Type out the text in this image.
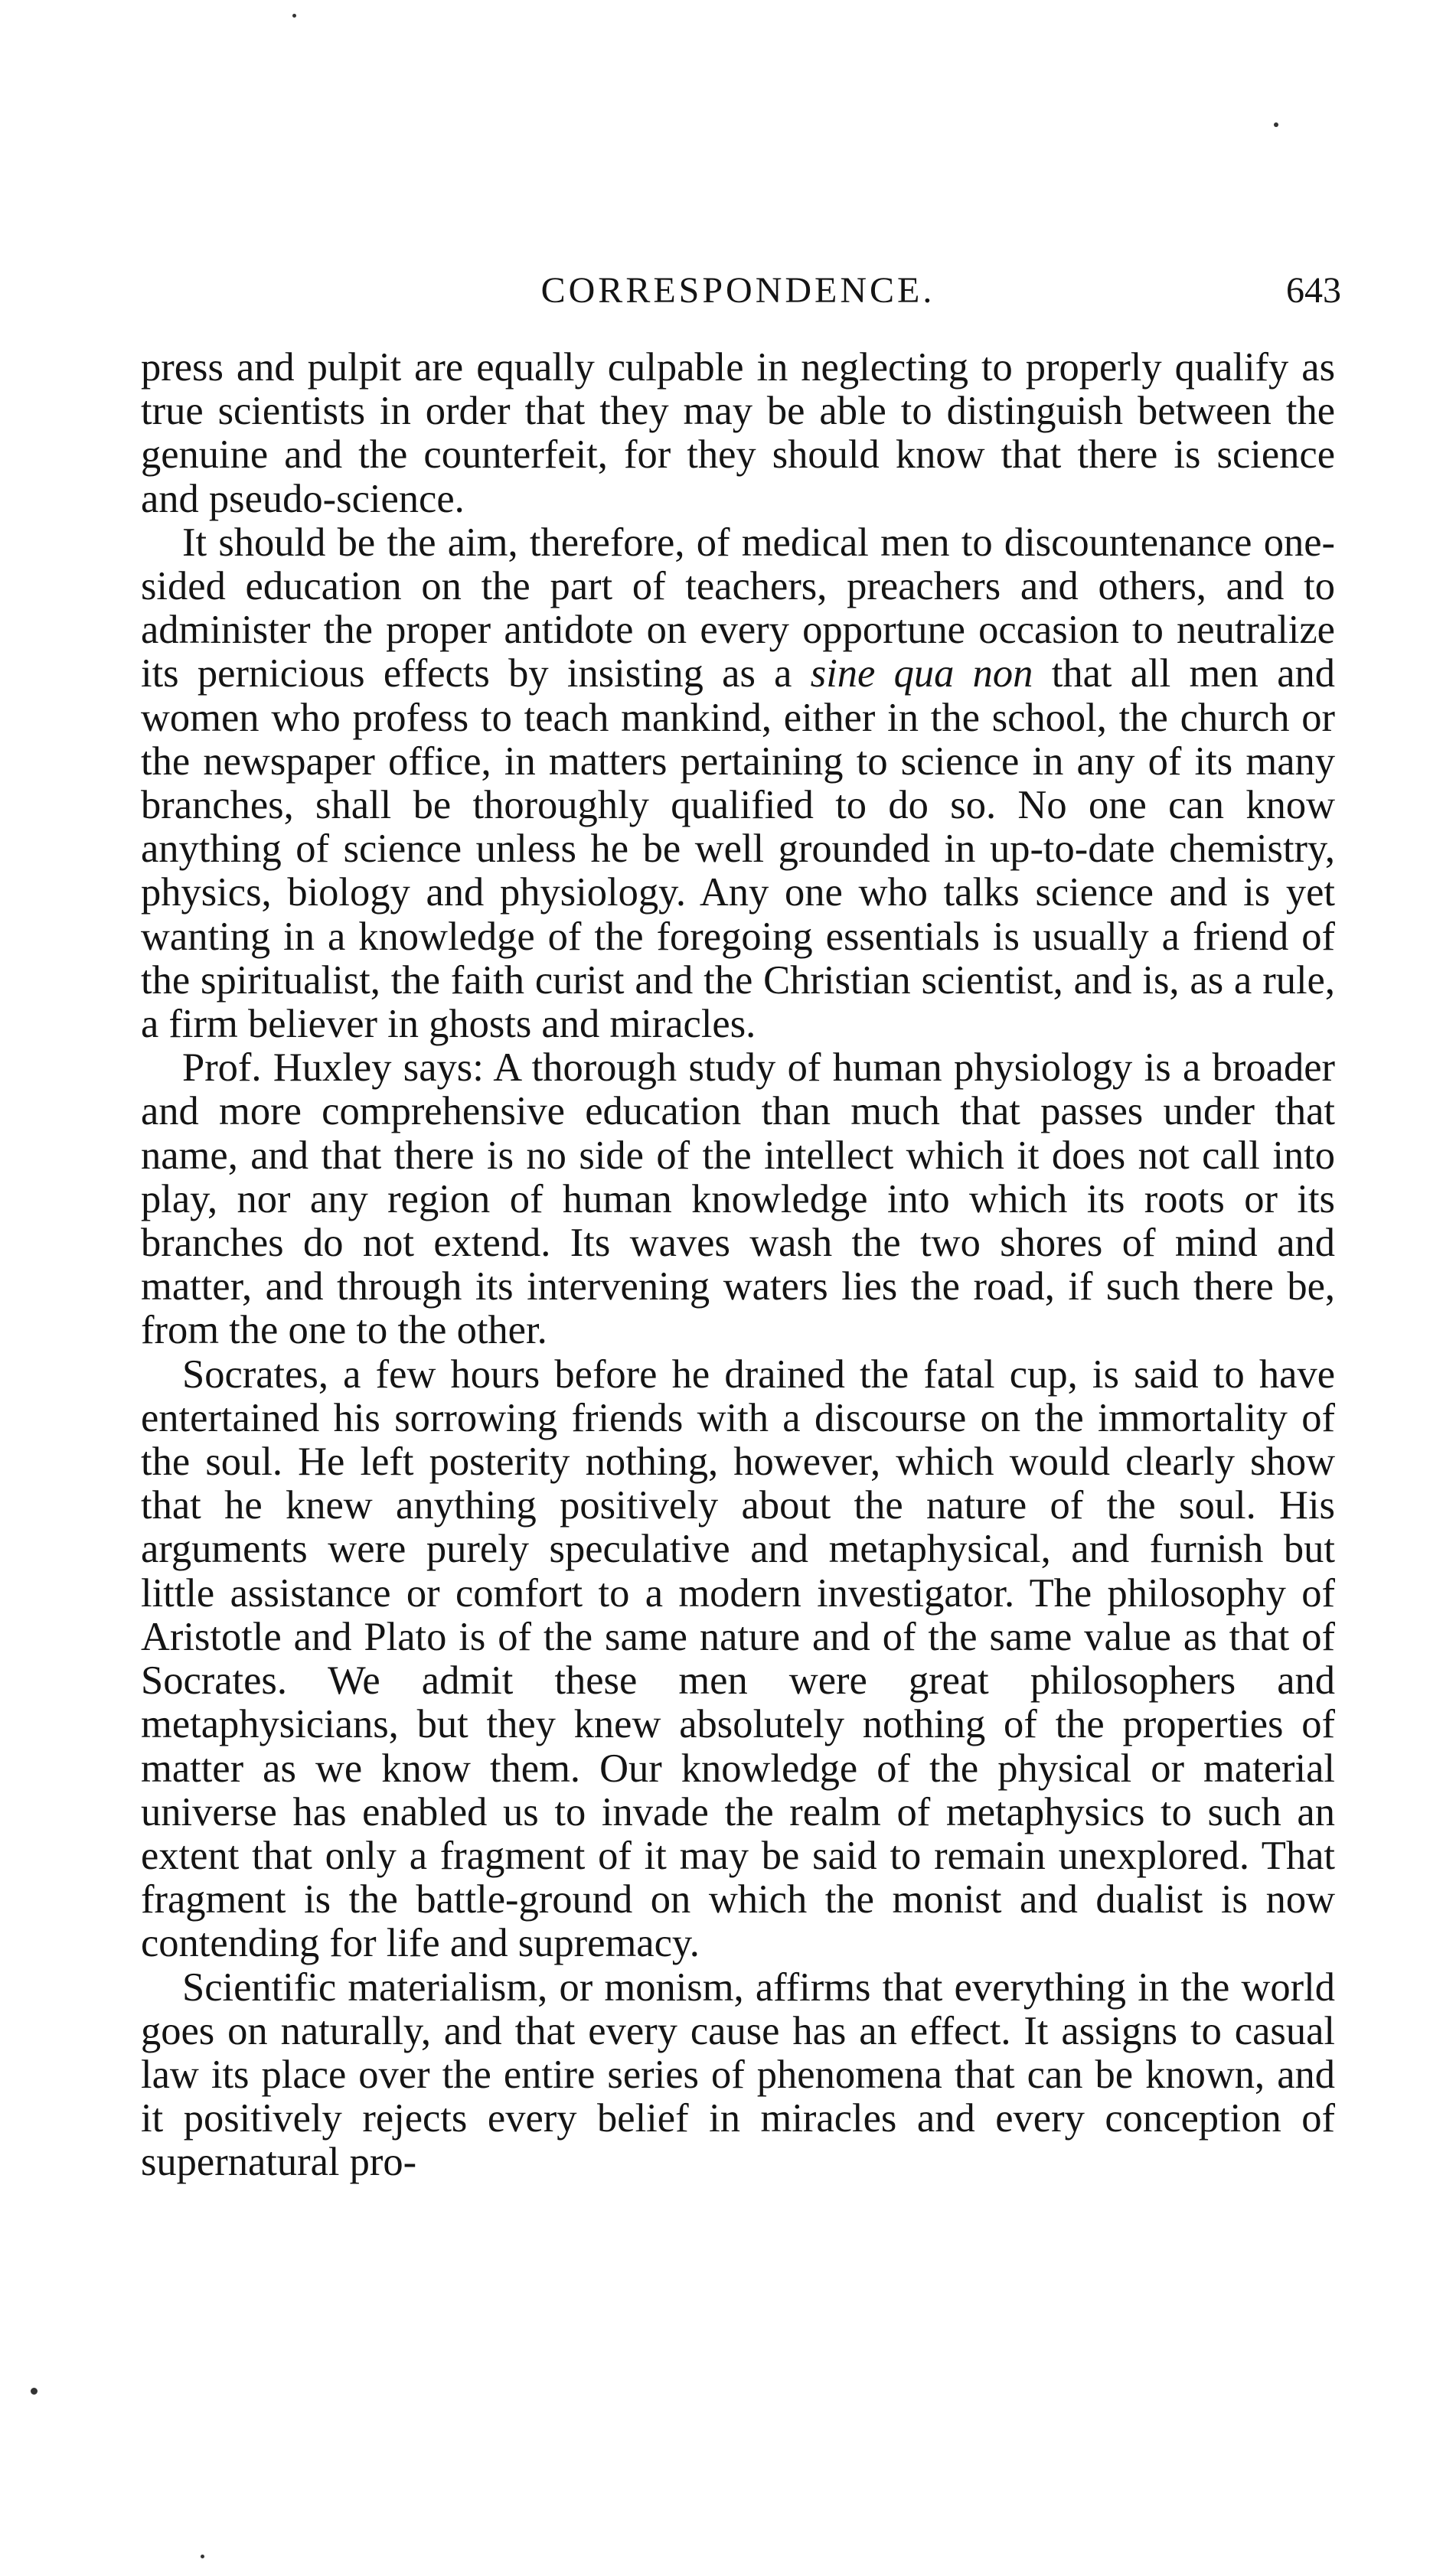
CORRESPONDENCE.	643

press and pulpit are equally culpable in neglecting to properly qualify as true scientists in order that they may be able to distinguish between the genuine and the counterfeit, for they should know that there is science and pseudo-science.

It should be the aim, therefore, of medical men to discountenance one-sided education on the part of teachers, preachers and others, and to administer the proper antidote on every opportune occasion to neutralize its pernicious effects by insisting as a sine qua non that all men and women who profess to teach mankind, either in the school, the church or the newspaper office, in matters pertaining to science in any of its many branches, shall be thoroughly qualified to do so. No one can know anything of science unless he be well grounded in up-to-date chemistry, physics, biology and physiology. Any one who talks science and is yet wanting in a knowledge of the foregoing essentials is usually a friend of the spiritualist, the faith curist and the Christian scientist, and is, as a rule, a firm believer in ghosts and miracles.

Prof. Huxley says: A thorough study of human physiology is a broader and more comprehensive education than much that passes under that name, and that there is no side of the intellect which it does not call into play, nor any region of human knowledge into which its roots or its branches do not extend. Its waves wash the two shores of mind and matter, and through its intervening waters lies the road, if such there be, from the one to the other.

Socrates, a few hours before he drained the fatal cup, is said to have entertained his sorrowing friends with a discourse on the immortality of the soul. He left posterity nothing, however, which would clearly show that he knew anything positively about the nature of the soul. His arguments were purely speculative and metaphysical, and furnish but little assistance or comfort to a modern investigator. The philosophy of Aristotle and Plato is of the same nature and of the same value as that of Socrates. We admit these men were great philosophers and metaphysicians, but they knew absolutely nothing of the properties of matter as we know them. Our knowledge of the physical or material universe has enabled us to invade the realm of metaphysics to such an extent that only a fragment of it may be said to remain unexplored. That fragment is the battle-ground on which the monist and dualist is now contending for life and supremacy.

Scientific materialism, or monism, affirms that everything in the world goes on naturally, and that every cause has an effect. It assigns to casual law its place over the entire series of phenomena that can be known, and it positively rejects every belief in miracles and every conception of supernatural pro-
